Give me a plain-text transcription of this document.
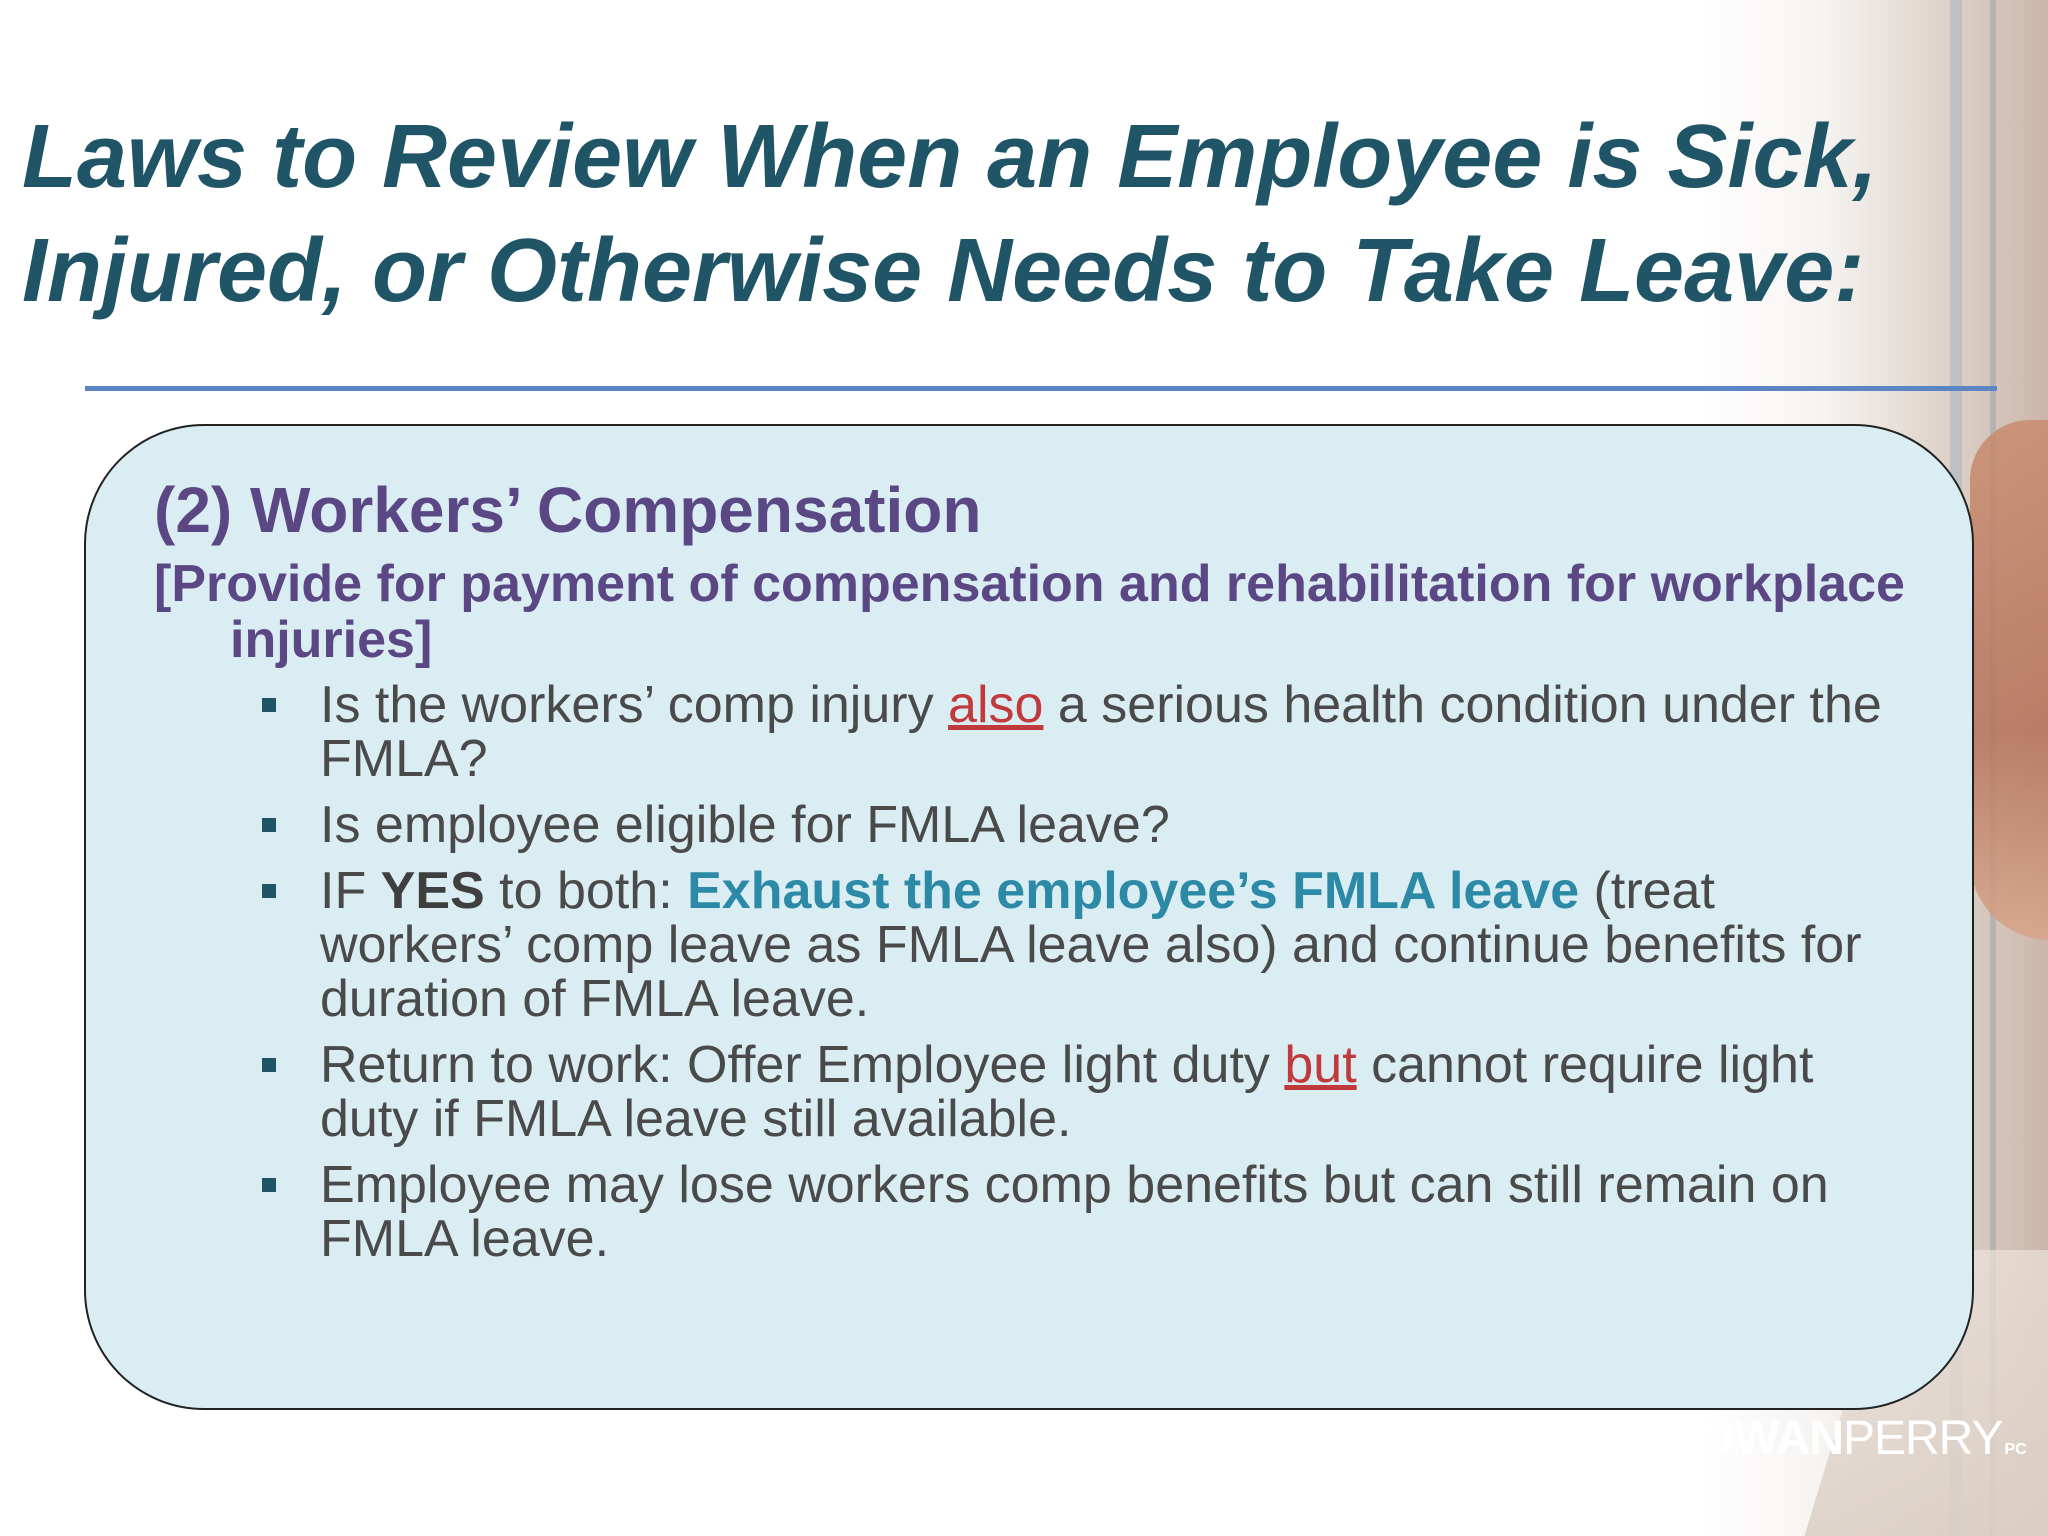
Laws to Review When an Employee is Sick,
Injured, or Otherwise Needs to Take Leave:
(2) Workers’ Compensation

[Provide for payment of compensation and rehabilitation for workplace injuries]

Is the workers’ comp injury also a serious health condition under the FMLA?
Is employee eligible for FMLA leave?
IF YES to both: Exhaust the employee’s FMLA leave (treat workers’ comp leave as FMLA leave also) and continue benefits for duration of FMLA leave.
Return to work: Offer Employee light duty but cannot require light duty if FMLA leave still available.
Employee may lose workers comp benefits but can still remain on FMLA leave.
COWANPERRY PC
